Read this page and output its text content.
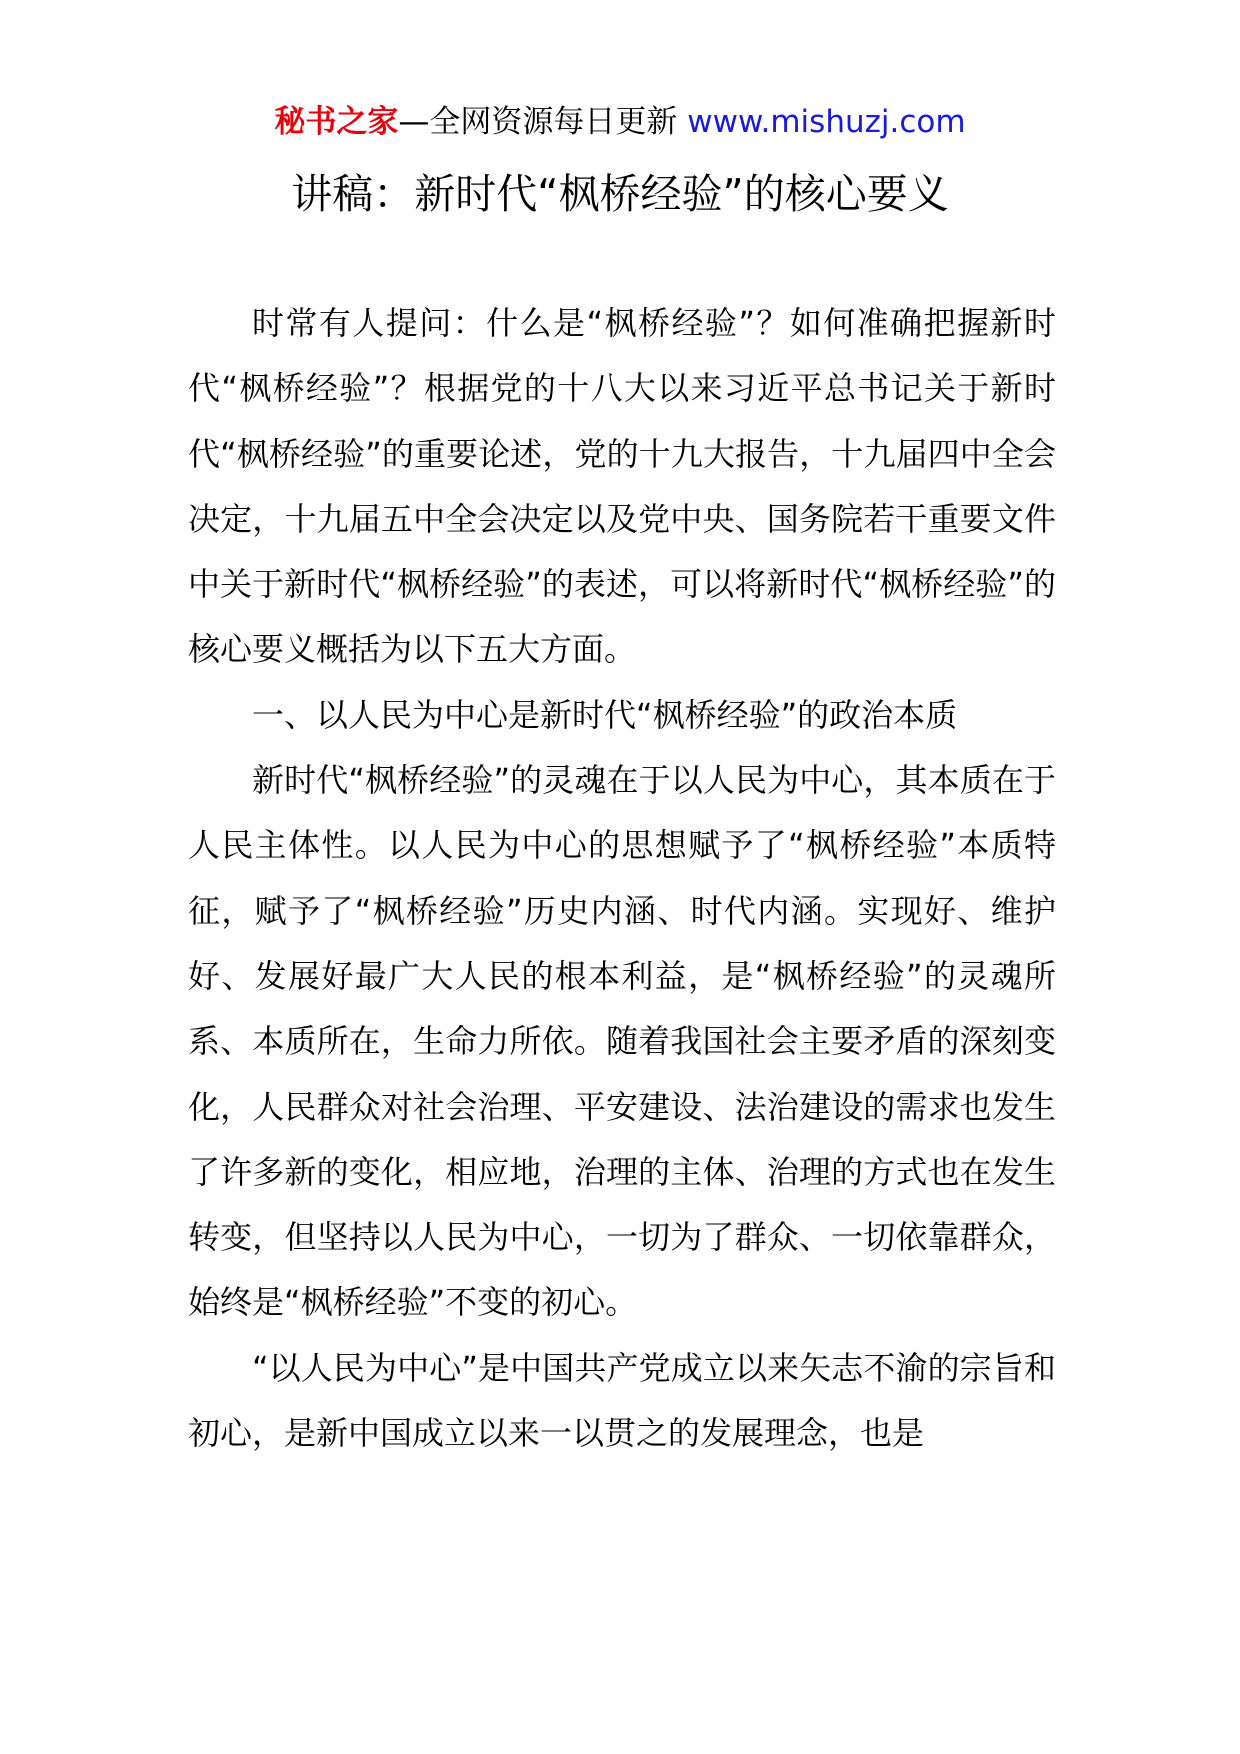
秘书之家—全网资源每日更新 www.mishuzj.com
讲稿：新时代“枫桥经验”的核心要义

时常有人提问：什么是“枫桥经验”？如何准确把握新时代“枫桥经验”？根据党的十八大以来习近平总书记关于新时代“枫桥经验”的重要论述，党的十九大报告，十九届四中全会决定，十九届五中全会决定以及党中央、国务院若干重要文件中关于新时代“枫桥经验”的表述，可以将新时代“枫桥经验”的核心要义概括为以下五大方面。

一、以人民为中心是新时代“枫桥经验”的政治本质

新时代“枫桥经验”的灵魂在于以人民为中心，其本质在于人民主体性。以人民为中心的思想赋予了“枫桥经验”本质特征，赋予了“枫桥经验”历史内涵、时代内涵。实现好、维护好、发展好最广大人民的根本利益，是“枫桥经验”的灵魂所系、本质所在，生命力所依。随着我国社会主要矛盾的深刻变化，人民群众对社会治理、平安建设、法治建设的需求也发生了许多新的变化，相应地，治理的主体、治理的方式也在发生转变，但坚持以人民为中心，一切为了群众、一切依靠群众，始终是“枫桥经验”不变的初心。

“以人民为中心”是中国共产党成立以来矢志不渝的宗旨和初心，是新中国成立以来一以贯之的发展理念，也是
